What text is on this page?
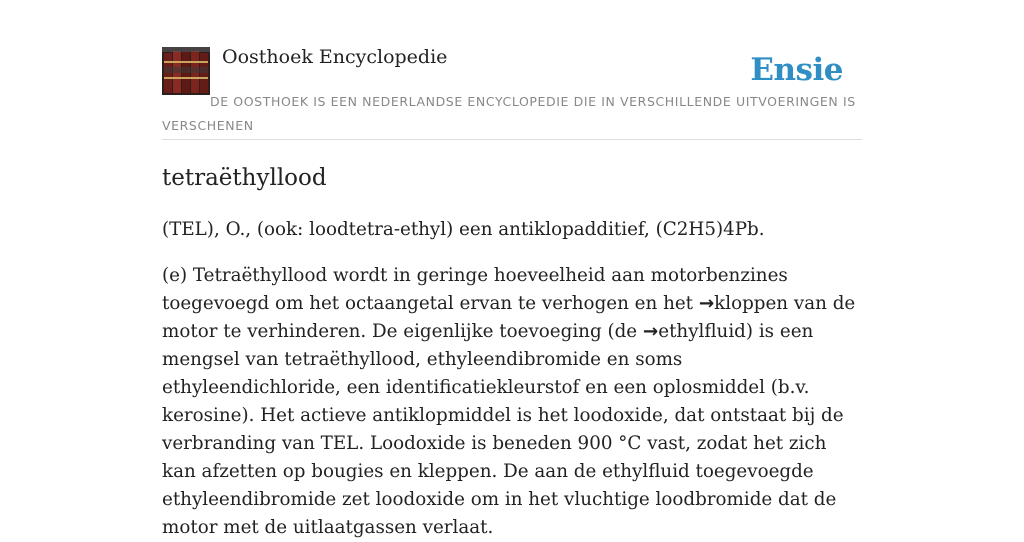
Oosthoek Encyclopedie	Ensie
DE OOSTHOEK IS EEN NEDERLANDSE ENCYCLOPEDIE DIE IN VERSCHILLENDE UITVOERINGEN IS VERSCHENEN
tetraëthyllood

(TEL), O., (ook: loodtetra-ethyl) een antiklopadditief, (C2H5)4Pb.

(e) Tetraëthyllood wordt in geringe hoeveelheid aan motorbenzines toegevoegd om het octaangetal ervan te verhogen en het →kloppen van de motor te verhinderen. De eigenlijke toevoeging (de →ethylfluid) is een mengsel van tetraëthyllood, ethyleendibromide en soms ethyleendichloride, een identificatiekleurstof en een oplosmiddel (b.v. kerosine). Het actieve antiklopmiddel is het loodoxide, dat ontstaat bij de verbranding van TEL. Loodoxide is beneden 900 °C vast, zodat het zich kan afzetten op bougies en kleppen. De aan de ethylfluid toegevoegde ethyleendibromide zet loodoxide om in het vluchtige loodbromide dat de motor met de uitlaatgassen verlaat.
